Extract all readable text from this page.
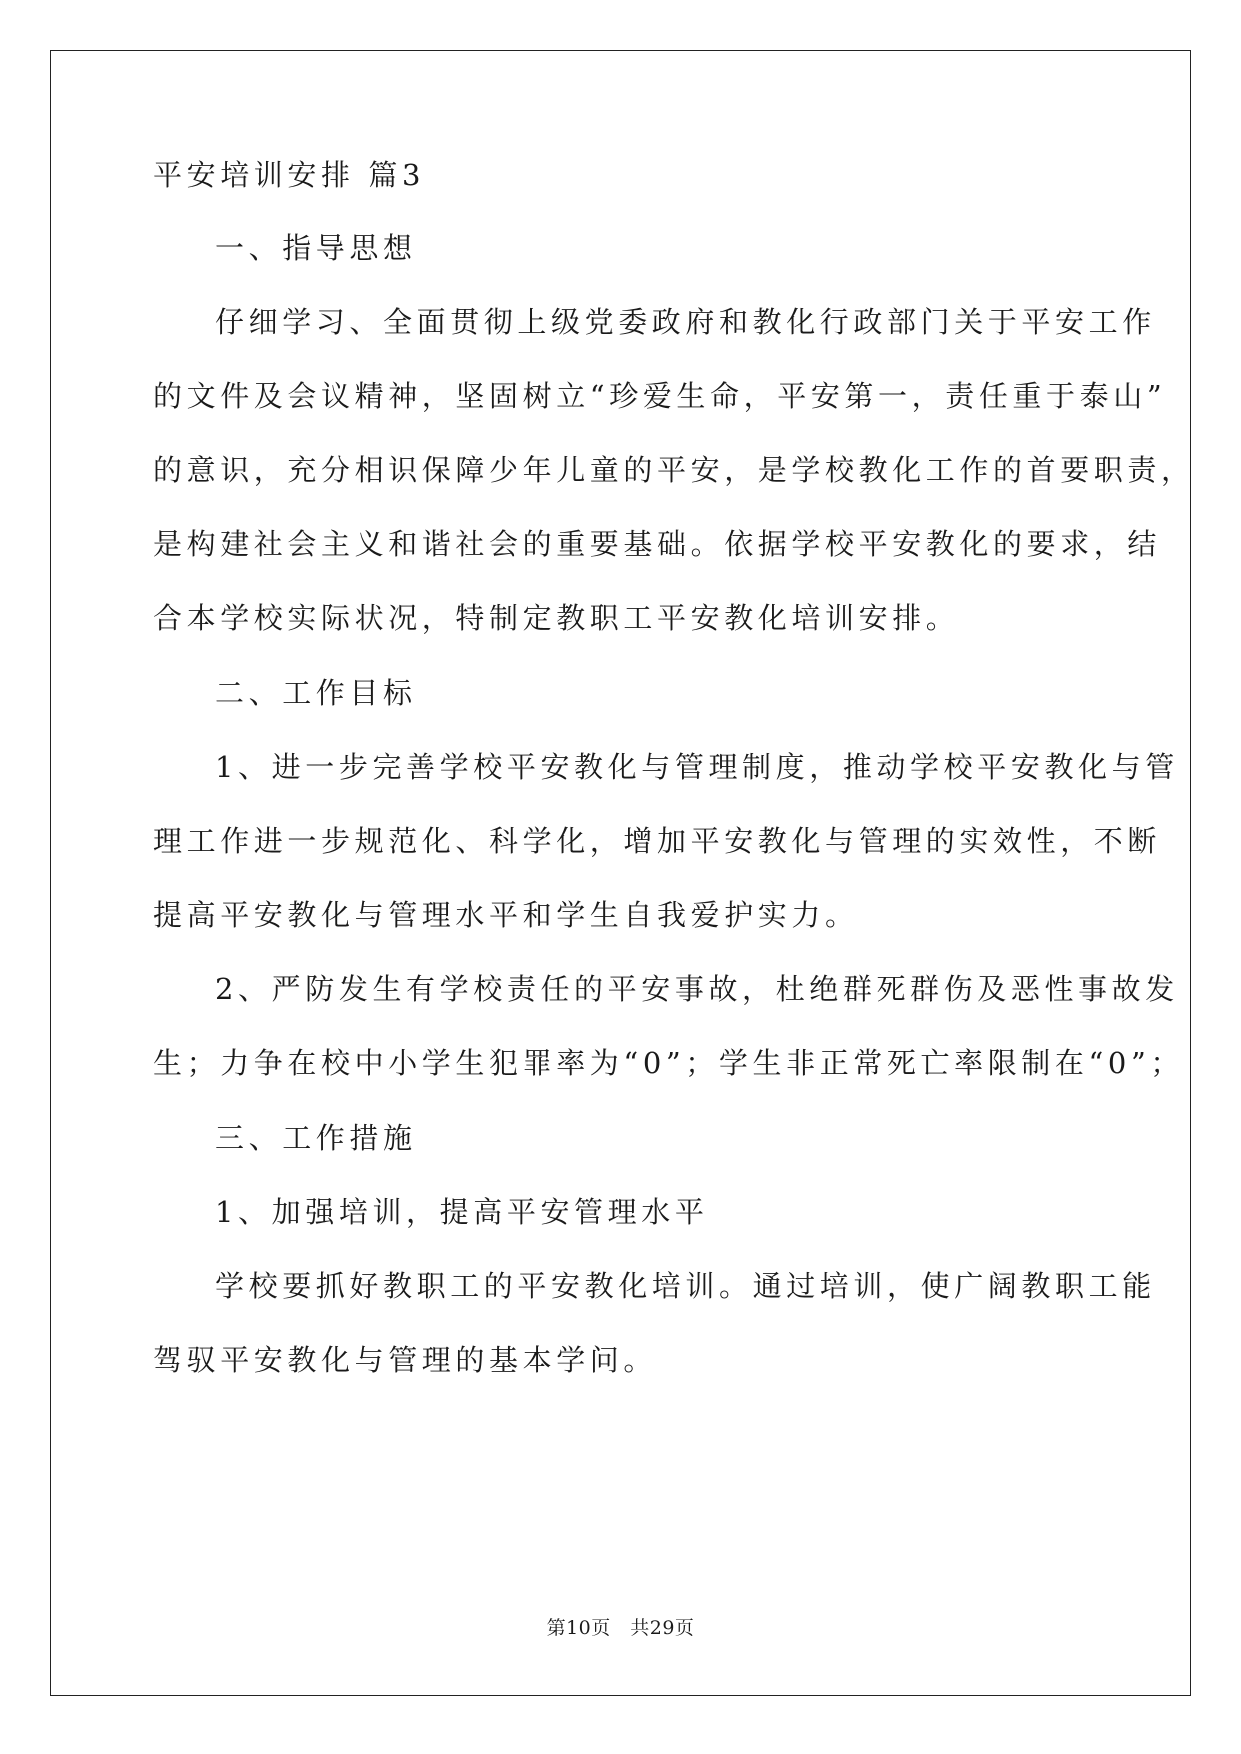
平安培训安排 篇3
一、指导思想
仔细学习、全面贯彻上级党委政府和教化行政部门关于平安工作
的文件及会议精神，坚固树立“珍爱生命，平安第一，责任重于泰山”
的意识，充分相识保障少年儿童的平安，是学校教化工作的首要职责，
是构建社会主义和谐社会的重要基础。依据学校平安教化的要求，结
合本学校实际状况，特制定教职工平安教化培训安排。
二、工作目标
1、进一步完善学校平安教化与管理制度，推动学校平安教化与管
理工作进一步规范化、科学化，增加平安教化与管理的实效性，不断
提高平安教化与管理水平和学生自我爱护实力。
2、严防发生有学校责任的平安事故，杜绝群死群伤及恶性事故发
生；力争在校中小学生犯罪率为“0”；学生非正常死亡率限制在“0”；
三、工作措施
1、加强培训，提高平安管理水平
学校要抓好教职工的平安教化培训。通过培训，使广阔教职工能
驾驭平安教化与管理的基本学问。
第10页　共29页
